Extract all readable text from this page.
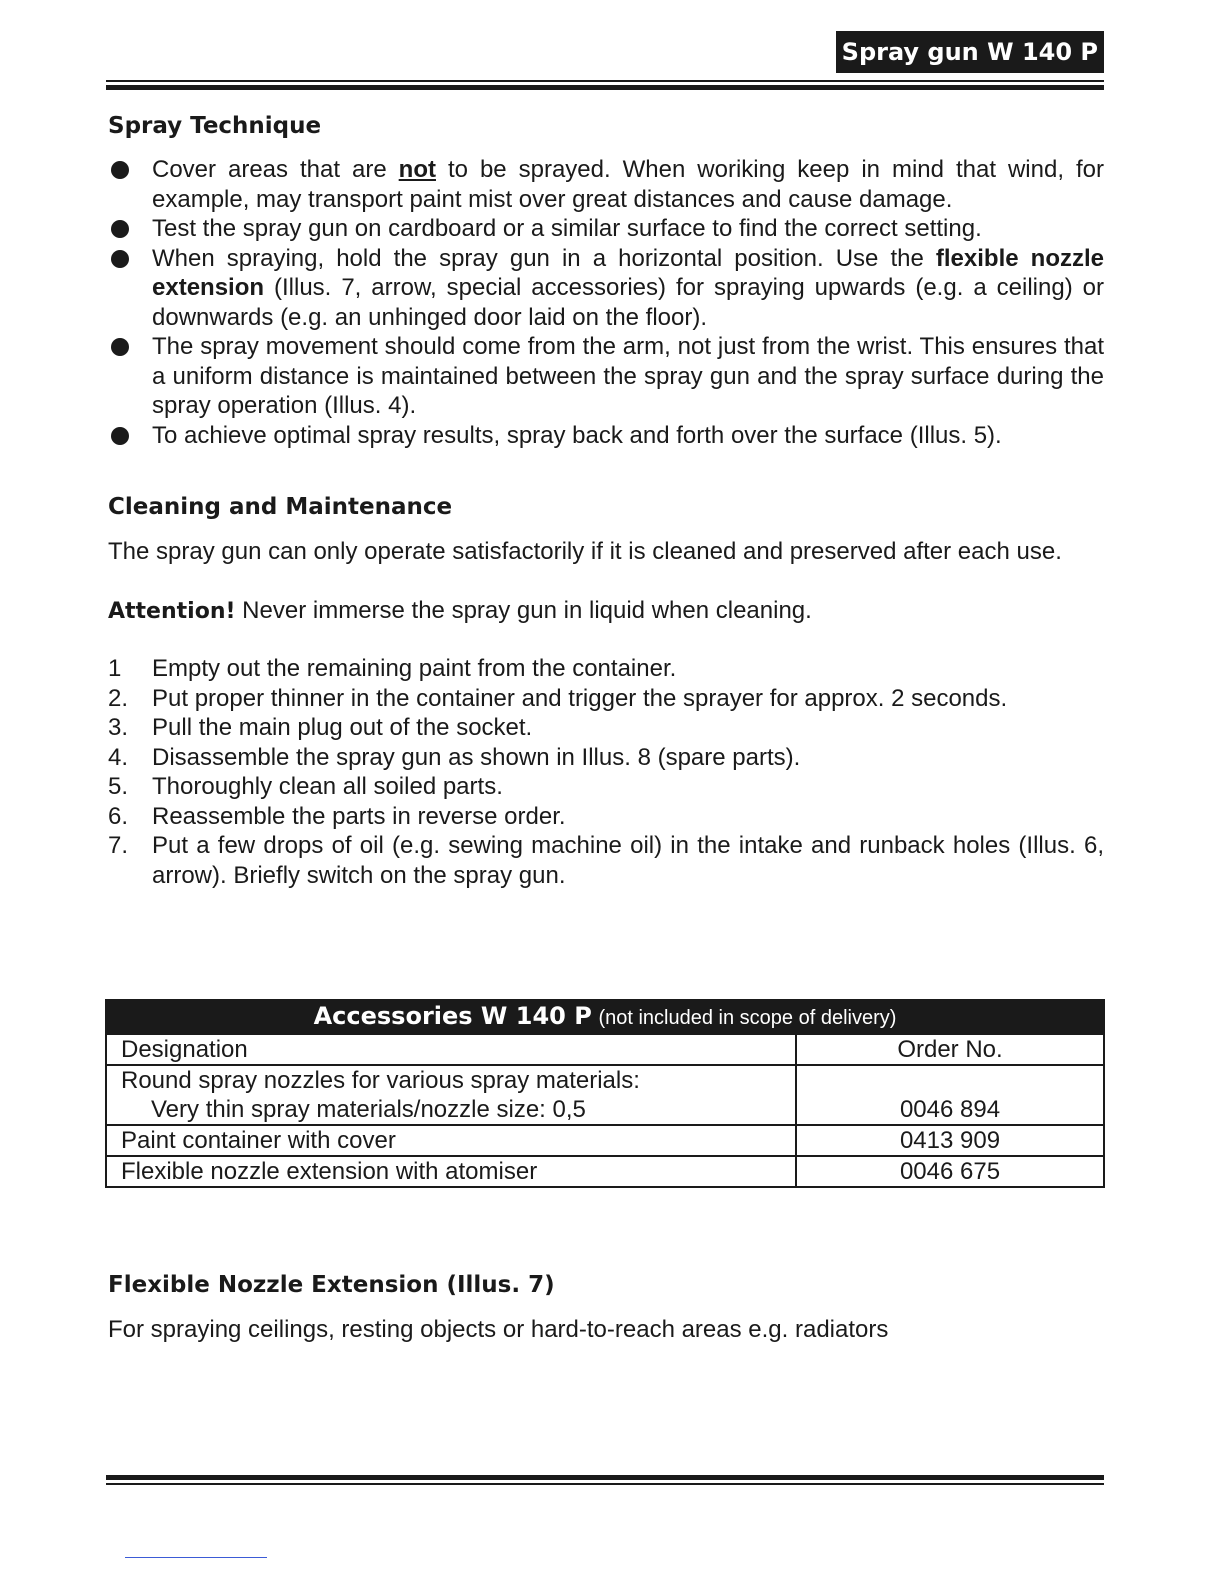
Spray gun W 140 P
Spray Technique
Cover areas that are not to be sprayed. When woriking keep in mind that wind, for example, may transport paint mist over great distances and cause damage.
Test the spray gun on cardboard or a similar surface to find the correct setting.
When spraying, hold the spray gun in a horizontal position. Use the flexible nozzle extension (Illus. 7, arrow, special accessories) for spraying upwards (e.g. a ceiling) or downwards (e.g. an unhinged door laid on the floor).
The spray movement should come from the arm, not just from the wrist. This ensures that a uniform distance is maintained between the spray gun and the spray surface during the spray operation (Illus. 4).
To achieve optimal spray results, spray back and forth over the surface (Illus. 5).
Cleaning and Maintenance
The spray gun can only operate satisfactorily if it is cleaned and preserved after each use.
Attention! Never immerse the spray gun in liquid when cleaning.
1 Empty out the remaining paint from the container.
2. Put proper thinner in the container and trigger the sprayer for approx. 2 seconds.
3. Pull the main plug out of the socket.
4. Disassemble the spray gun as shown in Illus. 8 (spare parts).
5. Thoroughly clean all soiled parts.
6. Reassemble the parts in reverse order.
7. Put a few drops of oil (e.g. sewing machine oil) in the intake and runback holes (Illus. 6, arrow). Briefly switch on the spray gun.
Accessories W 140 P (not included in scope of delivery)	
Designation	Order No.
Round spray nozzles for various spray materials:
Very thin spray materials/nozzle size: 0,5	0046 894
Paint container with cover	0413 909
Flexible nozzle extension with atomiser	0046 675
Flexible Nozzle Extension (Illus. 7)
For spraying ceilings, resting objects or hard-to-reach areas e.g. radiators
